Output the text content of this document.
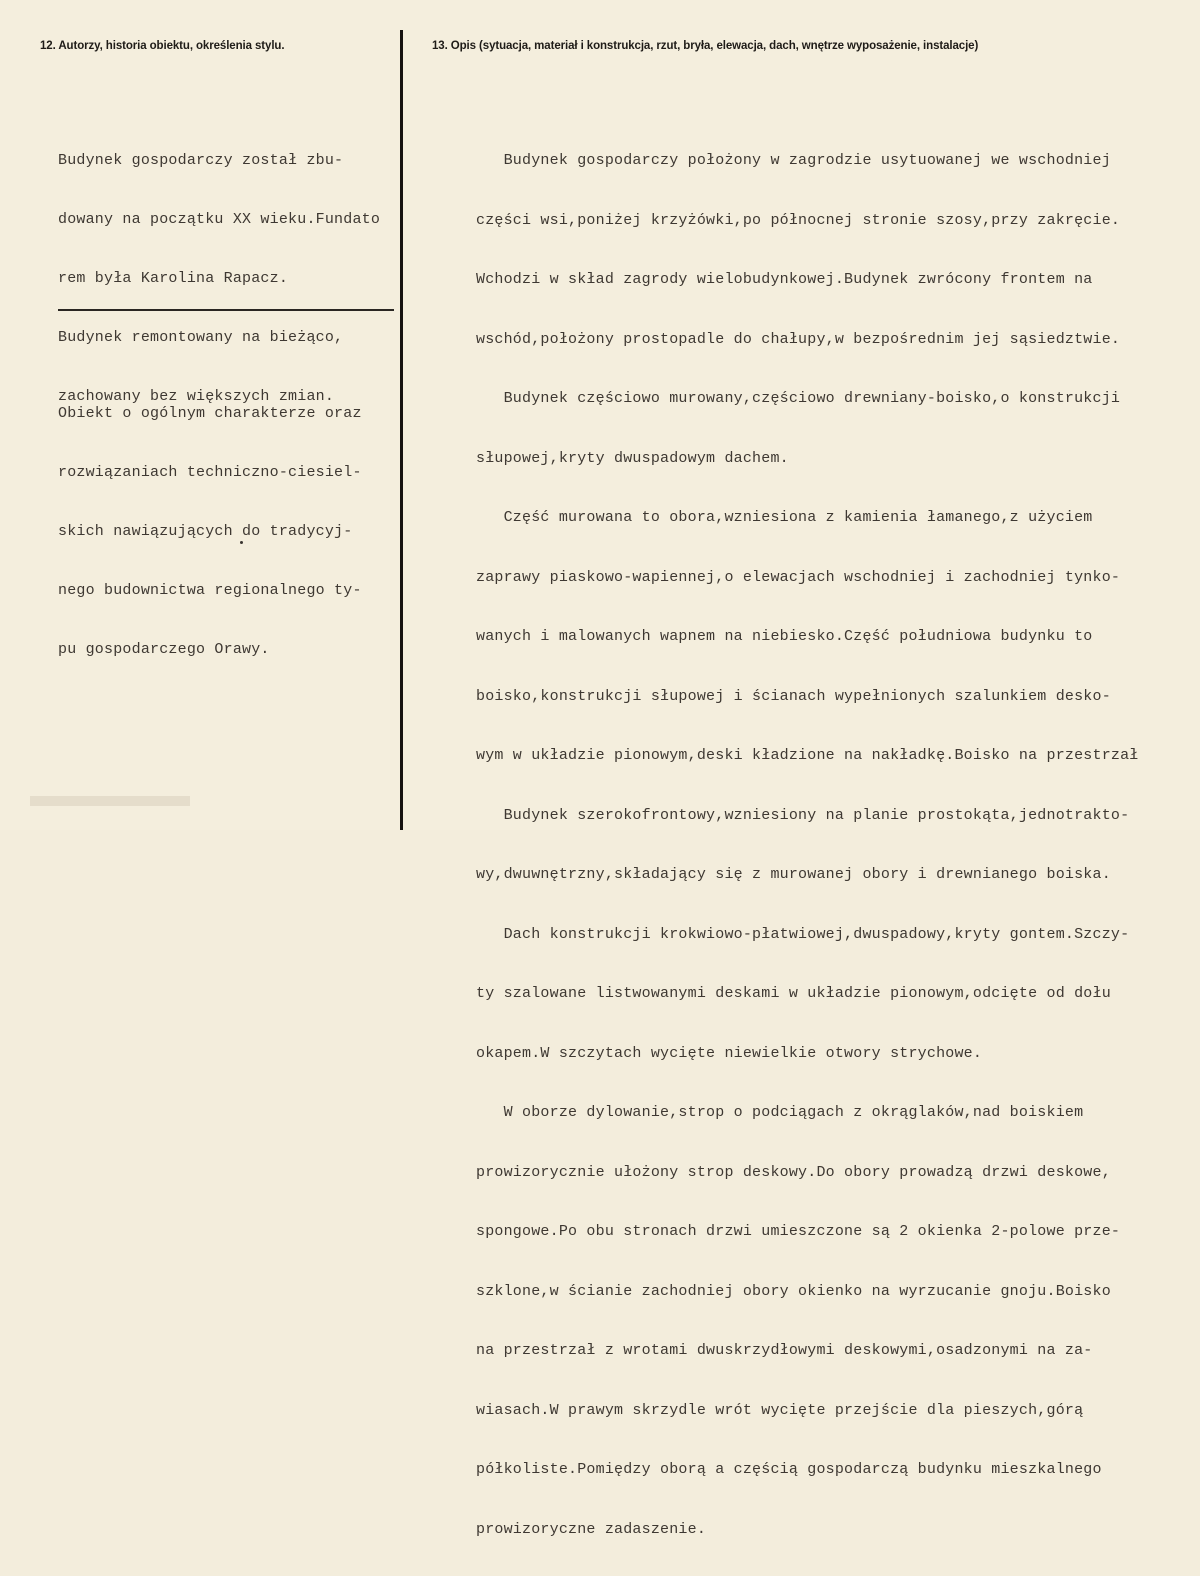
12. Autorzy, historia obiektu, określenia stylu.	13. Opis (sytuacja, materiał i konstrukcja, rzut, bryła, elewacja, dach, wnętrze wyposażenie, instalacje)

Budynek gospodarczy został zbu-

dowany na początku XX wieku.Fundato

rem była Karolina Rapacz.

Budynek remontowany na bieżąco,

zachowany bez większych zmian.

Obiekt o ogólnym charakterze oraz

rozwiązaniach techniczno-ciesiel-

skich nawiązujących do tradycyj-

nego budownictwa regionalnego ty-

pu gospodarczego Orawy.

Budynek gospodarczy położony w zagrodzie usytuowanej we wschodniej

części wsi,poniżej krzyżówki,po północnej stronie szosy,przy zakręcie.

Wchodzi w skład zagrody wielobudynkowej.Budynek zwrócony frontem na

wschód,położony prostopadle do chałupy,w bezpośrednim jej sąsiedztwie.

Budynek częściowo murowany,częściowo drewniany-boisko,o konstrukcji

słupowej,kryty dwuspadowym dachem.

Część murowana to obora,wzniesiona z kamienia łamanego,z użyciem

zaprawy piaskowo-wapiennej,o elewacjach wschodniej i zachodniej tynko-

wanych i malowanych wapnem na niebiesko.Część południowa budynku to

boisko,konstrukcji słupowej i ścianach wypełnionych szalunkiem desko-

wym w układzie pionowym,deski kładzione na nakładkę.Boisko na przestrzał

Budynek szerokofrontowy,wzniesiony na planie prostokąta,jednotrakto-

wy,dwuwnętrzny,składający się z murowanej obory i drewnianego boiska.

Dach konstrukcji krokwiowo-płatwiowej,dwuspadowy,kryty gontem.Szczy-

ty szalowane listwowanymi deskami w układzie pionowym,odcięte od dołu

okapem.W szczytach wycięte niewielkie otwory strychowe.

W oborze dylowanie,strop o podciągach z okrąglaków,nad boiskiem

prowizorycznie ułożony strop deskowy.Do obory prowadzą drzwi deskowe,

spongowe.Po obu stronach drzwi umieszczone są 2 okienka 2-polowe prze-

szklone,w ścianie zachodniej obory okienko na wyrzucanie gnoju.Boisko

na przestrzał z wrotami dwuskrzydłowymi deskowymi,osadzonymi na za-

wiasach.W prawym skrzydle wrót wycięte przejście dla pieszych,górą

półkoliste.Pomiędzy oborą a częścią gospodarczą budynku mieszkalnego

prowizoryczne zadaszenie.
